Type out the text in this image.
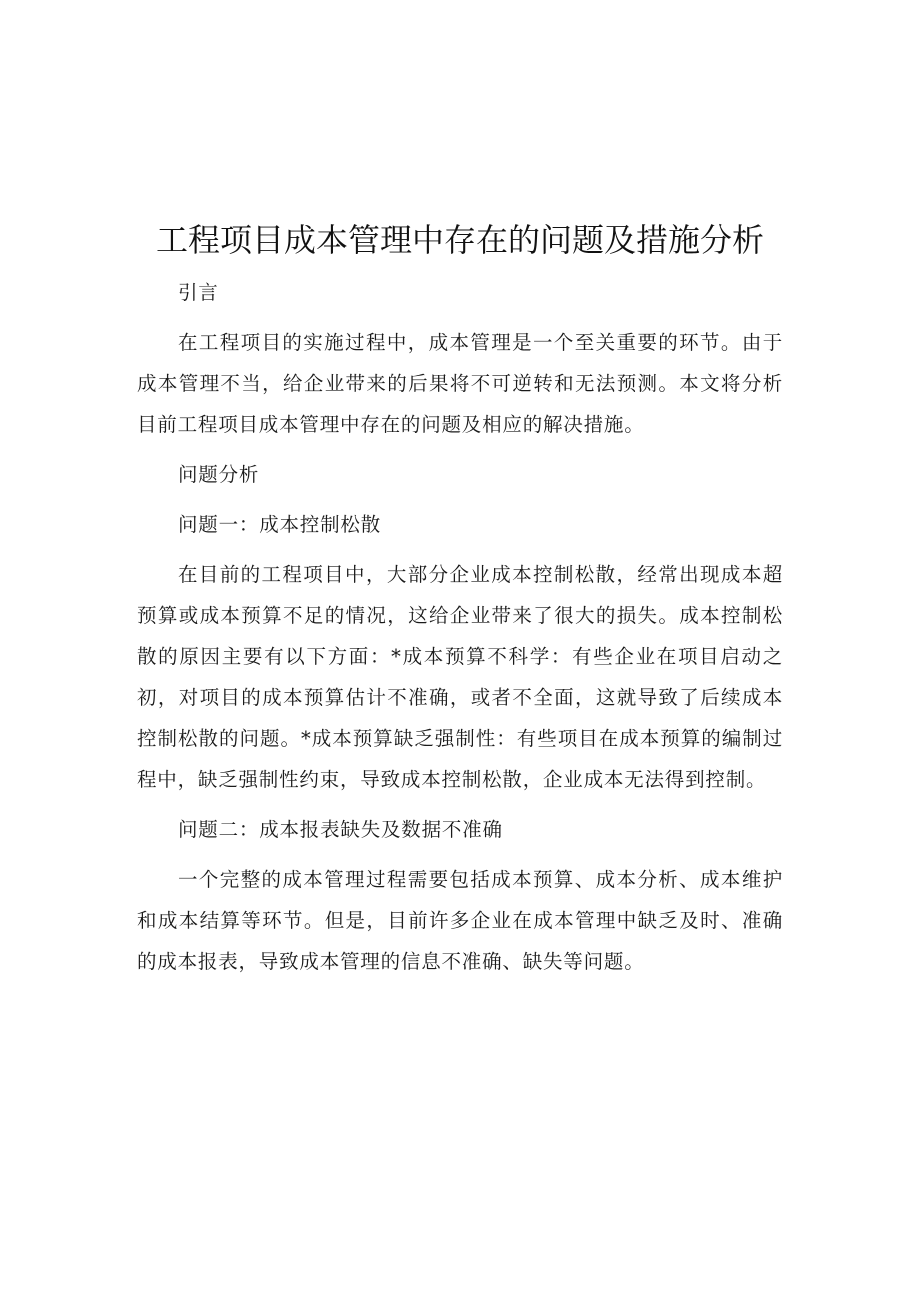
工程项目成本管理中存在的问题及措施分析

引言

在工程项目的实施过程中，成本管理是一个至关重要的环节。由于成本管理不当，给企业带来的后果将不可逆转和无法预测。本文将分析目前工程项目成本管理中存在的问题及相应的解决措施。

问题分析

问题一：成本控制松散

在目前的工程项目中，大部分企业成本控制松散，经常出现成本超预算或成本预算不足的情况，这给企业带来了很大的损失。成本控制松散的原因主要有以下方面：*成本预算不科学：有些企业在项目启动之初，对项目的成本预算估计不准确，或者不全面，这就导致了后续成本控制松散的问题。*成本预算缺乏强制性：有些项目在成本预算的编制过程中，缺乏强制性约束，导致成本控制松散，企业成本无法得到控制。

问题二：成本报表缺失及数据不准确

一个完整的成本管理过程需要包括成本预算、成本分析、成本维护和成本结算等环节。但是，目前许多企业在成本管理中缺乏及时、准确的成本报表，导致成本管理的信息不准确、缺失等问题。
